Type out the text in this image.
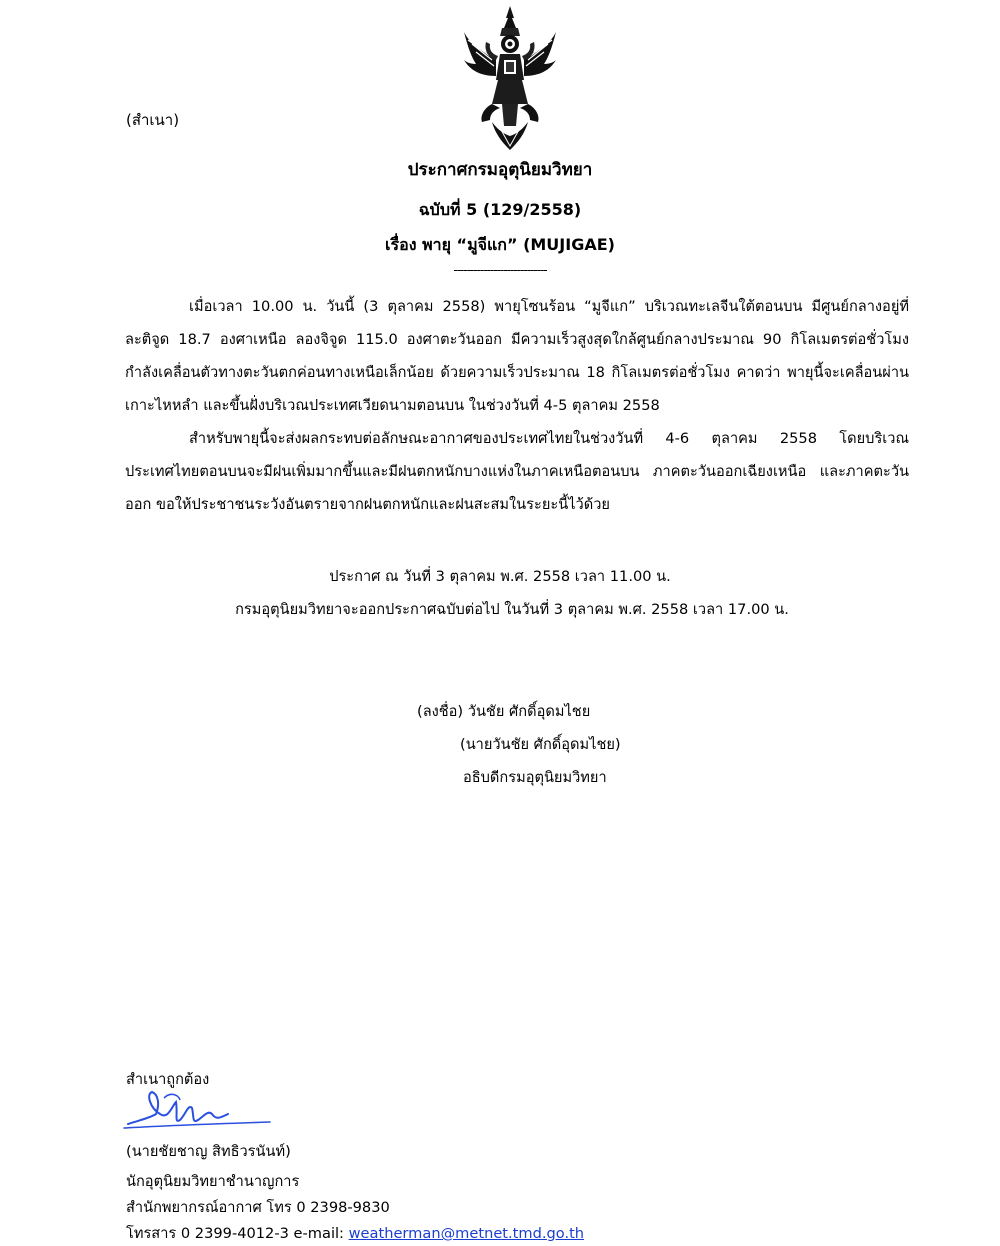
(สำเนา)
ประกาศกรมอุตุนิยมวิทยา
ฉบับที่ 5 (129/2558)
เรื่อง พายุ “มูจีแก” (MUJIGAE)
----------------------------

เมื่อเวลา 10.00 น. วันนี้ (3 ตุลาคม 2558) พายุโซนร้อน “มูจีแก” บริเวณทะเลจีนใต้ตอนบน มีศูนย์กลางอยู่ที่ละติจูด 18.7 องศาเหนือ ลองจิจูด 115.0 องศาตะวันออก มีความเร็วสูงสุดใกล้ศูนย์กลางประมาณ 90 กิโลเมตรต่อชั่วโมง กำลังเคลื่อนตัวทางตะวันตกค่อนทางเหนือเล็กน้อย ด้วยความเร็วประมาณ 18 กิโลเมตรต่อชั่วโมง คาดว่า พายุนี้จะเคลื่อนผ่านเกาะไหหลำ และขึ้นฝั่งบริเวณประเทศเวียดนามตอนบน ในช่วงวันที่ 4-5 ตุลาคม 2558

สำหรับพายุนี้จะส่งผลกระทบต่อลักษณะอากาศของประเทศไทยในช่วงวันที่ 4-6 ตุลาคม 2558 โดยบริเวณประเทศไทยตอนบนจะมีฝนเพิ่มมากขึ้นและมีฝนตกหนักบางแห่งในภาคเหนือตอนบน ภาคตะวันออกเฉียงเหนือ และภาคตะวันออก ขอให้ประชาชนระวังอันตรายจากฝนตกหนักและฝนสะสมในระยะนี้ไว้ด้วย

ประกาศ ณ วันที่ 3 ตุลาคม พ.ศ. 2558 เวลา 11.00 น.
กรมอุตุนิยมวิทยาจะออกประกาศฉบับต่อไป ในวันที่ 3 ตุลาคม พ.ศ. 2558 เวลา 17.00 น.
(ลงชื่อ) วันชัย ศักดิ์อุดมไชย
(นายวันชัย ศักดิ์อุดมไชย)
อธิบดีกรมอุตุนิยมวิทยา
สำเนาถูกต้อง
(นายชัยชาญ สิทธิวรนันท์)
นักอุตุนิยมวิทยาชำนาญการ
สำนักพยากรณ์อากาศ โทร 0 2398-9830
โทรสาร 0 2399-4012-3 e-mail: weatherman@metnet.tmd.go.th
